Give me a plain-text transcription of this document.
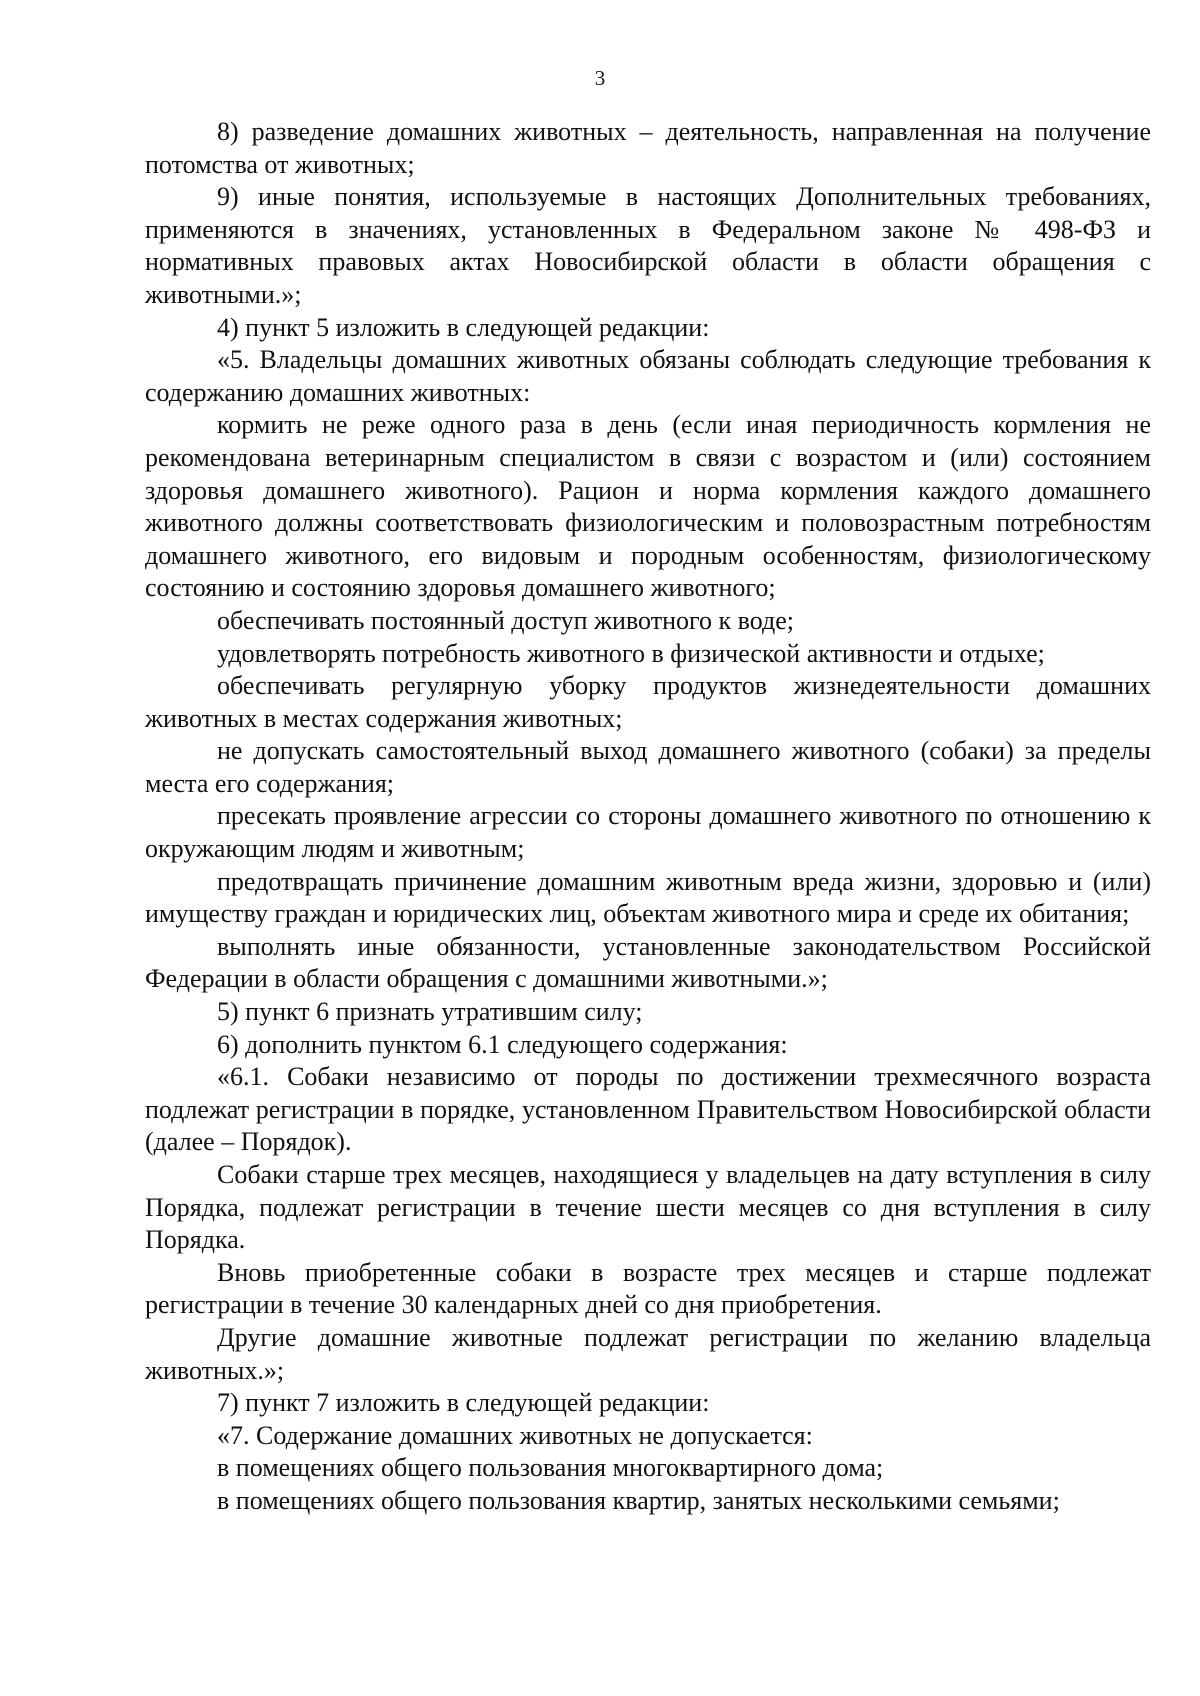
3

8) разведение домашних животных – деятельность, направленная на получение потомства от животных;

9) иные понятия, используемые в настоящих Дополнительных требованиях, применяются в значениях, установленных в Федеральном законе № 498-ФЗ и нормативных правовых актах Новосибирской области в области обращения с животными.»;

4) пункт 5 изложить в следующей редакции:

«5. Владельцы домашних животных обязаны соблюдать следующие требования к содержанию домашних животных:

кормить не реже одного раза в день (если иная периодичность кормления не рекомендована ветеринарным специалистом в связи с возрастом и (или) состоянием здоровья домашнего животного). Рацион и норма кормления каждого домашнего животного должны соответствовать физиологическим и половозрастным потребностям домашнего животного, его видовым и породным особенностям, физиологическому состоянию и состоянию здоровья домашнего животного;

обеспечивать постоянный доступ животного к воде;

удовлетворять потребность животного в физической активности и отдыхе;

обеспечивать регулярную уборку продуктов жизнедеятельности домашних животных в местах содержания животных;

не допускать самостоятельный выход домашнего животного (собаки) за пределы места его содержания;

пресекать проявление агрессии со стороны домашнего животного по отношению к окружающим людям и животным;

предотвращать причинение домашним животным вреда жизни, здоровью и (или) имуществу граждан и юридических лиц, объектам животного мира и среде их обитания;

выполнять иные обязанности, установленные законодательством Российской Федерации в области обращения с домашними животными.»;

5) пункт 6 признать утратившим силу;

6) дополнить пунктом 6.1 следующего содержания:

«6.1. Собаки независимо от породы по достижении трехмесячного возраста подлежат регистрации в порядке, установленном Правительством Новосибирской области (далее – Порядок).

Собаки старше трех месяцев, находящиеся у владельцев на дату вступления в силу Порядка, подлежат регистрации в течение шести месяцев со дня вступления в силу Порядка.

Вновь приобретенные собаки в возрасте трех месяцев и старше подлежат регистрации в течение 30 календарных дней со дня приобретения.

Другие домашние животные подлежат регистрации по желанию владельца животных.»;

7) пункт 7 изложить в следующей редакции:

«7. Содержание домашних животных не допускается:

в помещениях общего пользования многоквартирного дома;

в помещениях общего пользования квартир, занятых несколькими семьями;
